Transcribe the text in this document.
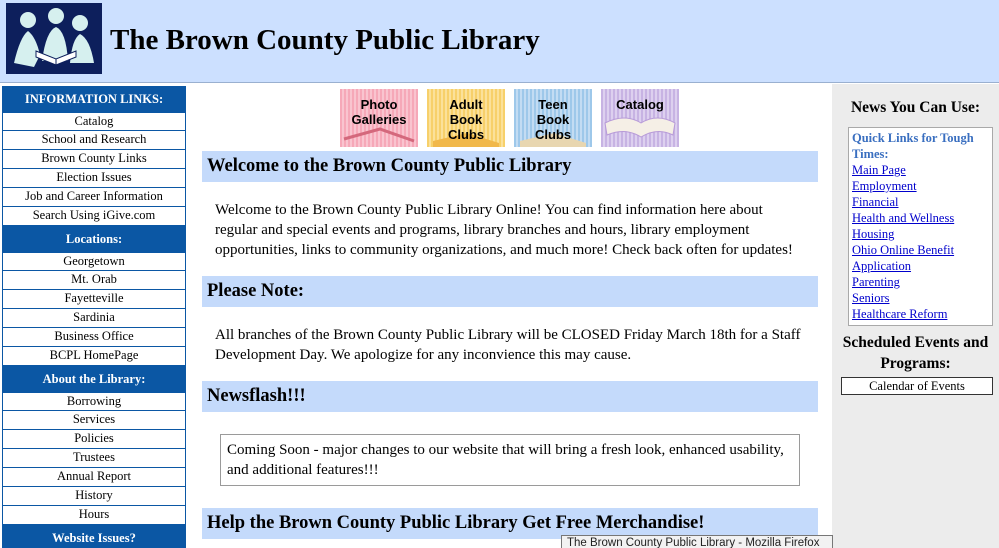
The Brown County Public Library
INFORMATION LINKS:
Catalog
School and Research
Brown County Links
Election Issues
Job and Career Information
Search Using iGive.com
Locations:
Georgetown
Mt. Orab
Fayetteville
Sardinia
Business Office
BCPL HomePage
About the Library:
Borrowing
Services
Policies
Trustees
Annual Report
History
Hours
Website Issues?
Photo
Galleries
Adult
Book
Clubs
Teen
Book
Clubs
Catalog
Welcome to the Brown County Public Library

Welcome to the Brown County Public Library Online! You can find information here about regular and special events and programs, library branches and hours, library employment opportunities, links to community organizations, and much more! Check back often for updates!

Please Note:

All branches of the Brown County Public Library will be CLOSED Friday March 18th for a Staff Development Day. We apologize for any inconvience this may cause.

Newsflash!!!
Coming Soon - major changes to our website that will bring a fresh look, enhanced usability, and additional features!!!
Help the Brown County Public Library Get Free Merchandise!
News You Can Use:
Quick Links for Tough Times:
Main Page
Employment
Financial
Health and Wellness
Housing
Ohio Online Benefit
Application
Parenting
Seniors
Healthcare Reform
Scheduled Events and Programs:
Calendar of Events
The Brown County Public Library - Mozilla Firefox
